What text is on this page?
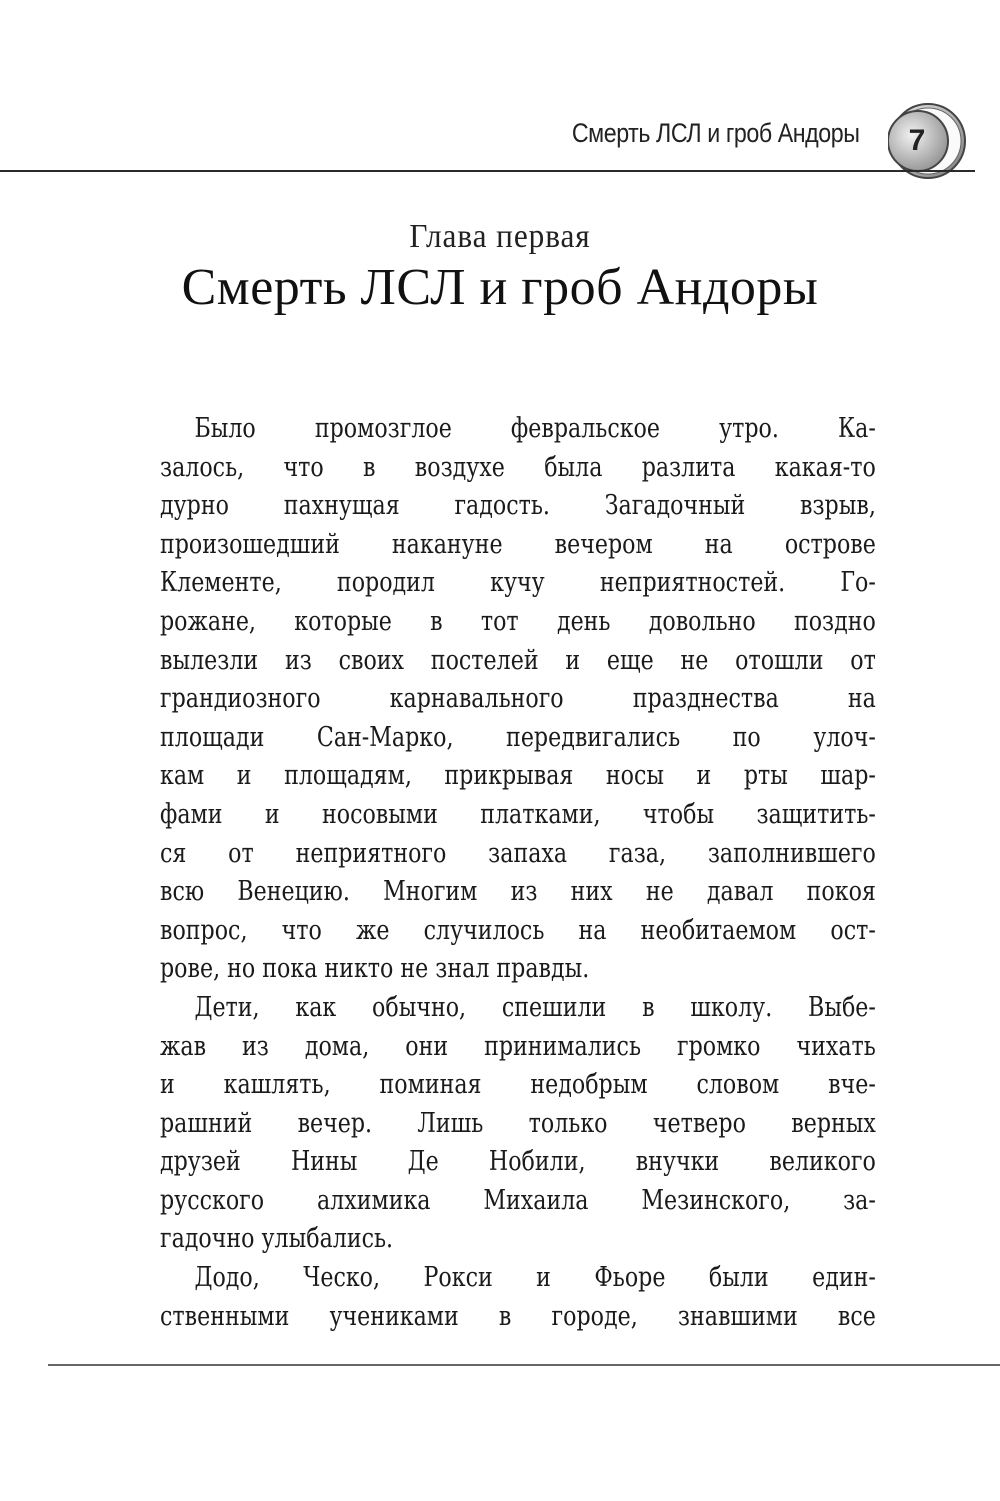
Смерть ЛСЛ и гроб Андоры	7
Глава первая
Смерть ЛСЛ и гроб Андоры
Было промозглое февральское утро. Ка-
залось, что в воздухе была разлита какая-то
дурно пахнущая гадость. Загадочный взрыв,
произошедший накануне вечером на острове
Клементе, породил кучу неприятностей. Го-
рожане, которые в тот день довольно поздно
вылезли из своих постелей и еще не отошли от
грандиозного карнавального празднества на
площади Сан-Марко, передвигались по улоч-
кам и площадям, прикрывая носы и рты шар-
фами и носовыми платками, чтобы защитить-
ся от неприятного запаха газа, заполнившего
всю Венецию. Многим из них не давал покоя
вопрос, что же случилось на необитаемом ост-
рове, но пока никто не знал правды.
Дети, как обычно, спешили в школу. Выбе-
жав из дома, они принимались громко чихать
и кашлять, поминая недобрым словом вче-
рашний вечер. Лишь только четверо верных
друзей Нины Де Нобили, внучки великого
русского алхимика Михаила Мезинского, за-
гадочно улыбались.
Додо, Ческо, Рокси и Фьоре были един-
ственными учениками в городе, знавшими все
